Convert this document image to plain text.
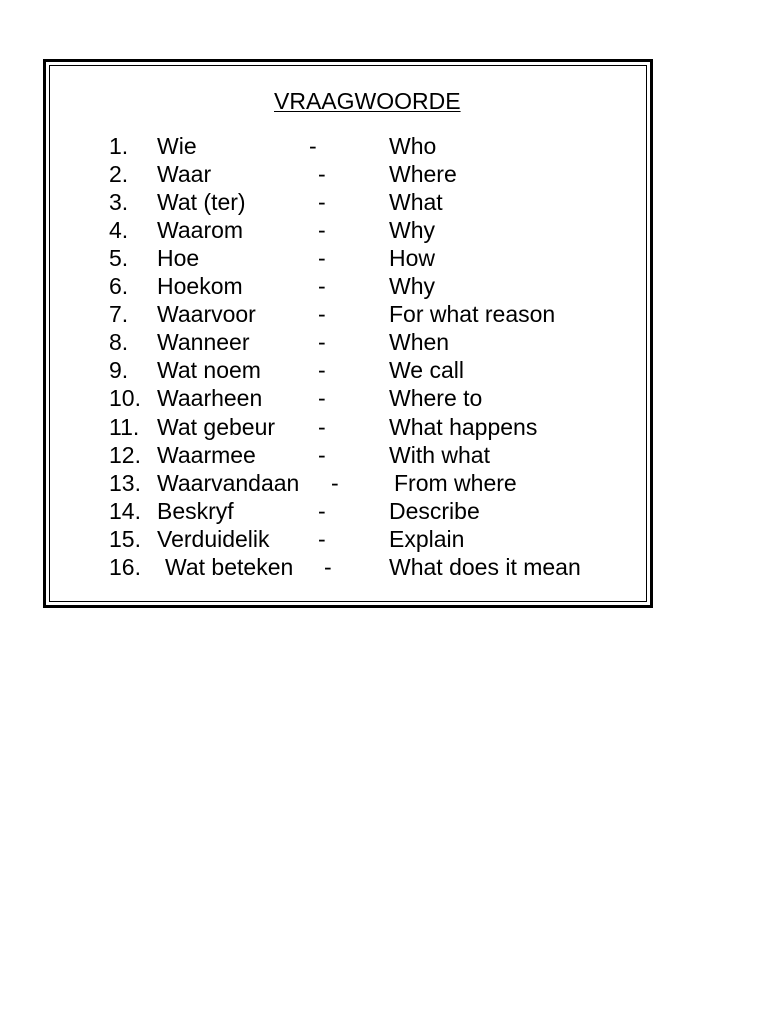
VRAAGWOORDE
1. Wie	-	Who
2. Waar	-	Where
3. Wat (ter)	-	What
4. Waarom	-	Why
5. Hoe	-	How
6. Hoekom	-	Why
7. Waarvoor	-	For what reason
8. Wanneer	-	When
9. Wat noem -	We call
10. Waarheen -	Where to
11. Wat gebeur -	What happens
12. Waarmee	-	With what
13. Waarvandaan - From where
14. Beskryf	-	Describe
15. Verduidelik -	Explain
16. Wat beteken - What does it mean
